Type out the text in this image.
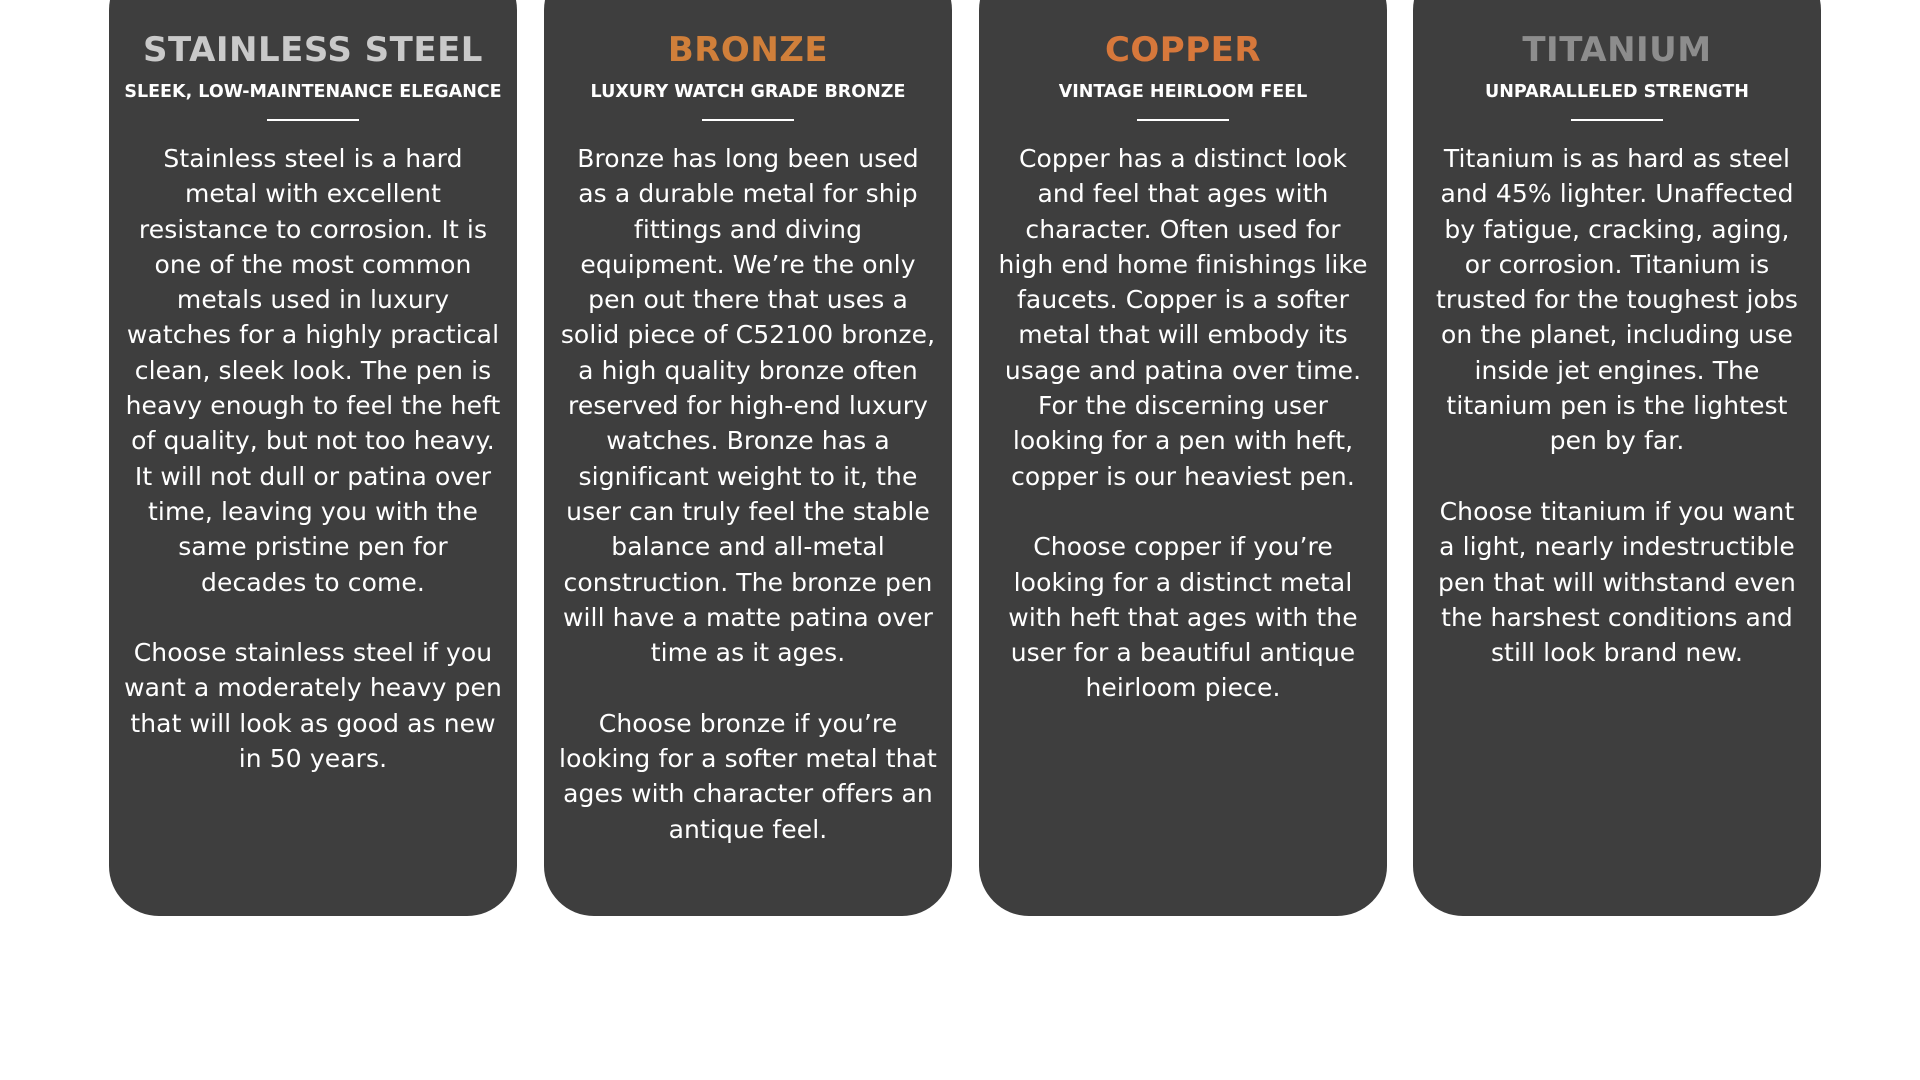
STAINLESS STEEL
SLEEK, LOW-MAINTENANCE ELEGANCE

Stainless steel is a hard metal with excellent resistance to corrosion. It is one of the most common metals used in luxury watches for a highly practical clean, sleek look. The pen is heavy enough to feel the heft of quality, but not too heavy. It will not dull or patina over time, leaving you with the same pristine pen for decades to come.

Choose stainless steel if you want a moderately heavy pen that will look as good as new in 50 years.

BRONZE
LUXURY WATCH GRADE BRONZE

Bronze has long been used as a durable metal for ship fittings and diving equipment. We’re the only pen out there that uses a solid piece of C52100 bronze, a high quality bronze often reserved for high-end luxury watches. Bronze has a significant weight to it, the user can truly feel the stable balance and all-metal construction. The bronze pen will have a matte patina over time as it ages.

Choose bronze if you’re looking for a softer metal that ages with character offers an antique feel.

COPPER
VINTAGE HEIRLOOM FEEL

Copper has a distinct look and feel that ages with character. Often used for high end home finishings like faucets. Copper is a softer metal that will embody its usage and patina over time. For the discerning user looking for a pen with heft, copper is our heaviest pen.

Choose copper if you’re looking for a distinct metal with heft that ages with the user for a beautiful antique heirloom piece.

TITANIUM
UNPARALLELED STRENGTH

Titanium is as hard as steel and 45% lighter. Unaffected by fatigue, cracking, aging, or corrosion. Titanium is trusted for the toughest jobs on the planet, including use inside jet engines. The titanium pen is the lightest pen by far.

Choose titanium if you want a light, nearly indestructible pen that will withstand even the harshest conditions and still look brand new.
